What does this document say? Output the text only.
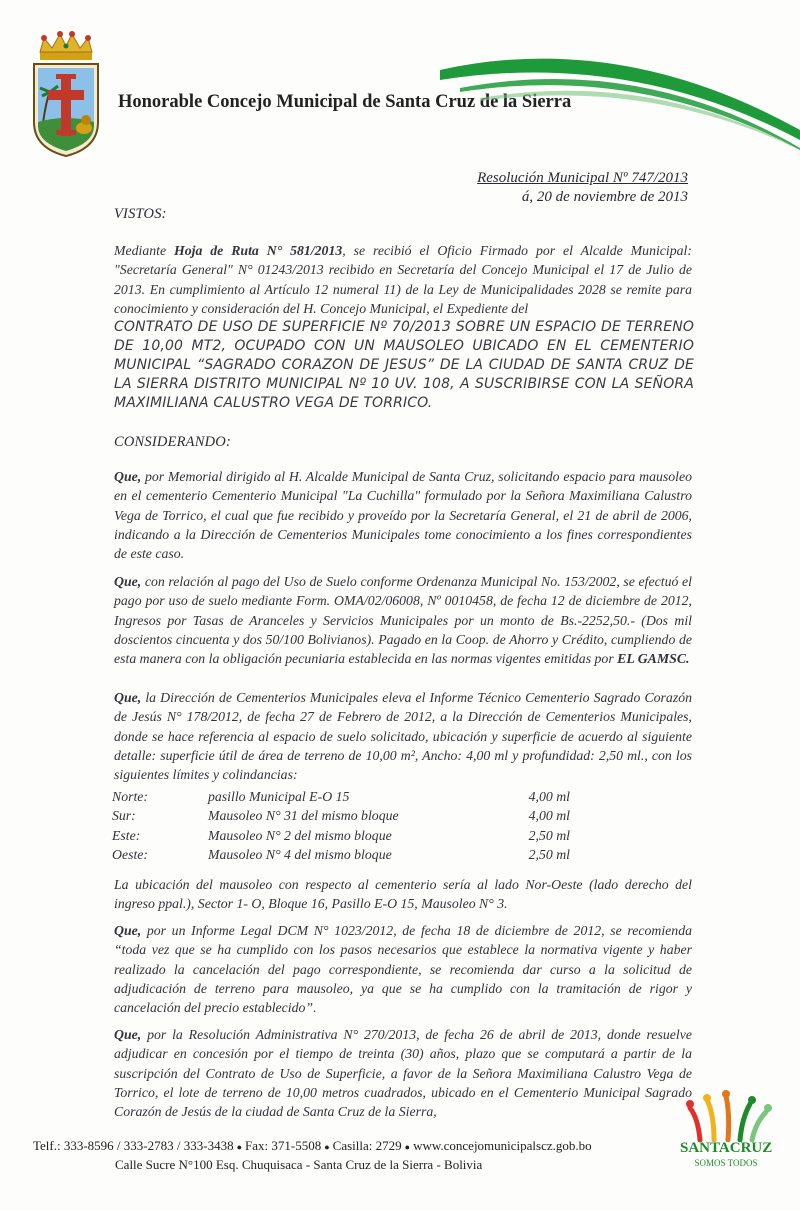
Honorable Concejo Municipal de Santa Cruz de la Sierra
Resolución Municipal Nº 747/2013
á, 20 de noviembre de 2013
VISTOS:
Mediante Hoja de Ruta N° 581/2013, se recibió el Oficio Firmado por el Alcalde Municipal: "Secretaría General" N° 01243/2013 recibido en Secretaría del Concejo Municipal el 17 de Julio de 2013. En cumplimiento al Artículo 12 numeral 11) de la Ley de Municipalidades 2028 se remite para conocimiento y consideración del H. Concejo Municipal, el Expediente del
CONTRATO DE USO DE SUPERFICIE Nº 70/2013 SOBRE UN ESPACIO DE TERRENO DE 10,00 MT2, OCUPADO CON UN MAUSOLEO UBICADO EN EL CEMENTERIO MUNICIPAL “SAGRADO CORAZON DE JESUS” DE LA CIUDAD DE SANTA CRUZ DE LA SIERRA DISTRITO MUNICIPAL Nº 10 UV. 108, A SUSCRIBIRSE CON LA SEÑORA MAXIMILIANA CALUSTRO VEGA DE TORRICO.
CONSIDERANDO:
Que, por Memorial dirigido al H. Alcalde Municipal de Santa Cruz, solicitando espacio para mausoleo en el cementerio Cementerio Municipal "La Cuchilla" formulado por la Señora Maximiliana Calustro Vega de Torrico, el cual que fue recibido y proveído por la Secretaría General, el 21 de abril de 2006, indicando a la Dirección de Cementerios Municipales tome conocimiento a los fines correspondientes de este caso.
Que, con relación al pago del Uso de Suelo conforme Ordenanza Municipal No. 153/2002, se efectuó el pago por uso de suelo mediante Form. OMA/02/06008, Nº 0010458, de fecha 12 de diciembre de 2012, Ingresos por Tasas de Aranceles y Servicios Municipales por un monto de Bs.-2252,50.- (Dos mil doscientos cincuenta y dos 50/100 Bolivianos). Pagado en la Coop. de Ahorro y Crédito, cumpliendo de esta manera con la obligación pecuniaria establecida en las normas vigentes emitidas por EL GAMSC.
Que, la Dirección de Cementerios Municipales eleva el Informe Técnico Cementerio Sagrado Corazón de Jesús N° 178/2012, de fecha 27 de Febrero de 2012, a la Dirección de Cementerios Municipales, donde se hace referencia al espacio de suelo solicitado, ubicación y superficie de acuerdo al siguiente detalle: superficie útil de área de terreno de 10,00 m², Ancho: 4,00 ml y profundidad: 2,50 ml., con los siguientes límites y colindancias:
Norte:	pasillo Municipal E-O 15	4,00 ml
Sur:	Mausoleo N° 31 del mismo bloque	4,00 ml
Este:	Mausoleo N° 2 del mismo bloque	2,50 ml
Oeste:	Mausoleo N° 4 del mismo bloque	2,50 ml
La ubicación del mausoleo con respecto al cementerio sería al lado Nor-Oeste (lado derecho del ingreso ppal.), Sector 1- O, Bloque 16, Pasillo E-O 15, Mausoleo N° 3.
Que, por un Informe Legal DCM N° 1023/2012, de fecha 18 de diciembre de 2012, se recomienda “toda vez que se ha cumplido con los pasos necesarios que establece la normativa vigente y haber realizado la cancelación del pago correspondiente, se recomienda dar curso a la solicitud de adjudicación de terreno para mausoleo, ya que se ha cumplido con la tramitación de rigor y cancelación del precio establecido”.
Que, por la Resolución Administrativa N° 270/2013, de fecha 26 de abril de 2013, donde resuelve adjudicar en concesión por el tiempo de treinta (30) años, plazo que se computará a partir de la suscripción del Contrato de Uso de Superficie, a favor de la Señora Maximiliana Calustro Vega de Torrico, el lote de terreno de 10,00 metros cuadrados, ubicado en el Cementerio Municipal Sagrado Corazón de Jesús de la ciudad de Santa Cruz de la Sierra,
Telf.: 333-8596 / 333-2783 / 333-3438 ● Fax: 371-5508 ● Casilla: 2729 ● www.concejomunicipalscz.gob.bo
Calle Sucre N°100 Esq. Chuquisaca - Santa Cruz de la Sierra - Bolivia
SANTACRUZ
SOMOS TODOS
